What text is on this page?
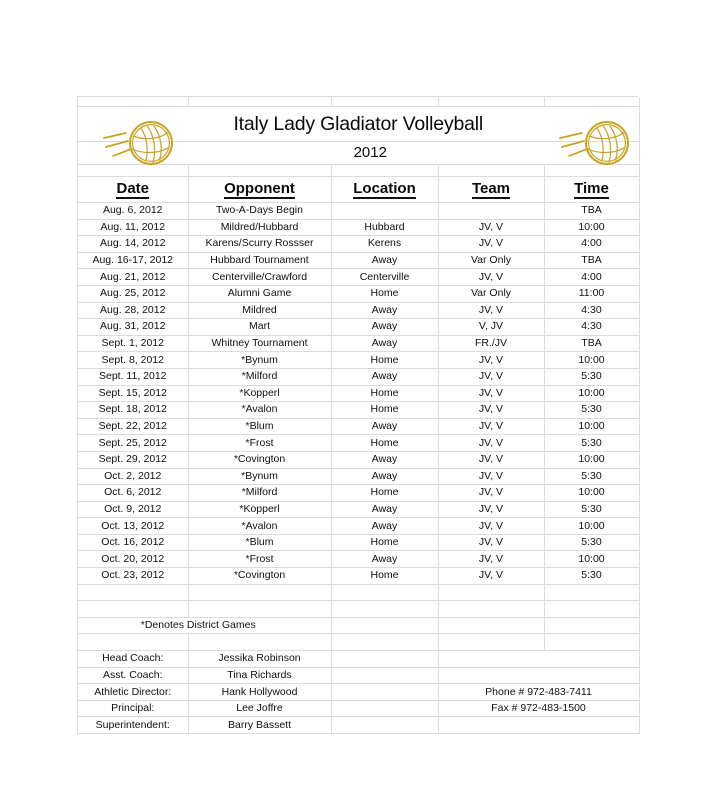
Italy Lady Gladiator Volleyball				

2012				

Date	Opponent	Location	Team	Time
Aug. 6, 2012	Two-A-Days Begin			TBA
Aug. 11, 2012	Mildred/Hubbard	Hubbard	JV, V	10:00
Aug. 14, 2012	Karens/Scurry Rossser	Kerens	JV, V	4:00
Aug. 16-17, 2012	Hubbard Tournament	Away	Var Only	TBA
Aug. 21, 2012	Centerville/Crawford	Centerville	JV, V	4:00
Aug. 25, 2012	Alumni Game	Home	Var Only	11:00
Aug. 28, 2012	Mildred	Away	JV, V	4:30
Aug. 31, 2012	Mart	Away	V, JV	4:30
Sept. 1, 2012	Whitney Tournament	Away	FR./JV	TBA
Sept. 8, 2012	*Bynum	Home	JV, V	10:00
Sept. 11, 2012	*Milford	Away	JV, V	5:30
Sept. 15, 2012	*Kopperl	Home	JV, V	10:00
Sept. 18, 2012	*Avalon	Home	JV, V	5:30
Sept. 22, 2012	*Blum	Away	JV, V	10:00
Sept. 25, 2012	*Frost	Home	JV, V	5:30
Sept. 29, 2012	*Covington	Away	JV, V	10:00
Oct. 2, 2012	*Bynum	Away	JV, V	5:30
Oct. 6, 2012	*Milford	Home	JV, V	10:00
Oct. 9, 2012	*Kopperl	Away	JV, V	5:30
Oct. 13, 2012	*Avalon	Away	JV, V	10:00
Oct. 16, 2012	*Blum	Home	JV, V	5:30
Oct. 20, 2012	*Frost	Away	JV, V	10:00
Oct. 23, 2012	*Covington	Home	JV, V	5:30

*Denotes District Games				

Head Coach:	Jessika Robinson			
Asst. Coach:	Tina Richards			
Athletic Director:	Hank Hollywood		Phone # 972-483-7411	
Principal:	Lee Joffre		Fax # 972-483-1500	
Superintendent:	Barry Bassett			
